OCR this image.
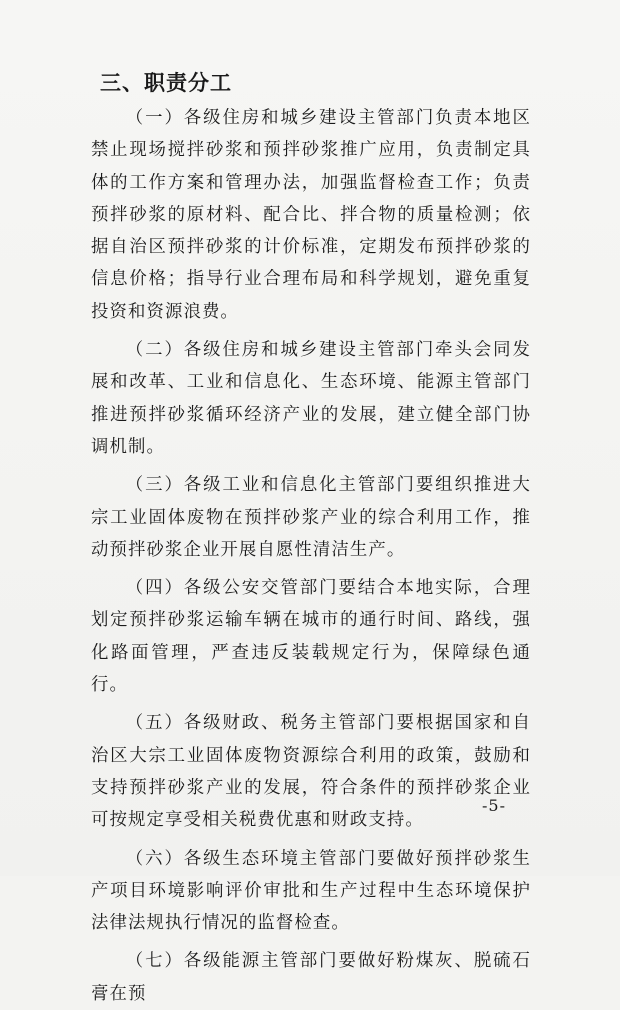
三、职责分工

（一）各级住房和城乡建设主管部门负责本地区禁止现场搅拌砂浆和预拌砂浆推广应用，负责制定具体的工作方案和管理办法，加强监督检查工作；负责预拌砂浆的原材料、配合比、拌合物的质量检测；依据自治区预拌砂浆的计价标准，定期发布预拌砂浆的信息价格；指导行业合理布局和科学规划，避免重复投资和资源浪费。

（二）各级住房和城乡建设主管部门牵头会同发展和改革、工业和信息化、生态环境、能源主管部门推进预拌砂浆循环经济产业的发展，建立健全部门协调机制。

（三）各级工业和信息化主管部门要组织推进大宗工业固体废物在预拌砂浆产业的综合利用工作，推动预拌砂浆企业开展自愿性清洁生产。

（四）各级公安交管部门要结合本地实际，合理划定预拌砂浆运输车辆在城市的通行时间、路线，强化路面管理，严查违反装载规定行为，保障绿色通行。

（五）各级财政、税务主管部门要根据国家和自治区大宗工业固体废物资源综合利用的政策，鼓励和支持预拌砂浆产业的发展，符合条件的预拌砂浆企业可按规定享受相关税费优惠和财政支持。

（六）各级生态环境主管部门要做好预拌砂浆生产项目环境影响评价审批和生产过程中生态环境保护法律法规执行情况的监督检查。

（七）各级能源主管部门要做好粉煤灰、脱硫石膏在预

-5-
